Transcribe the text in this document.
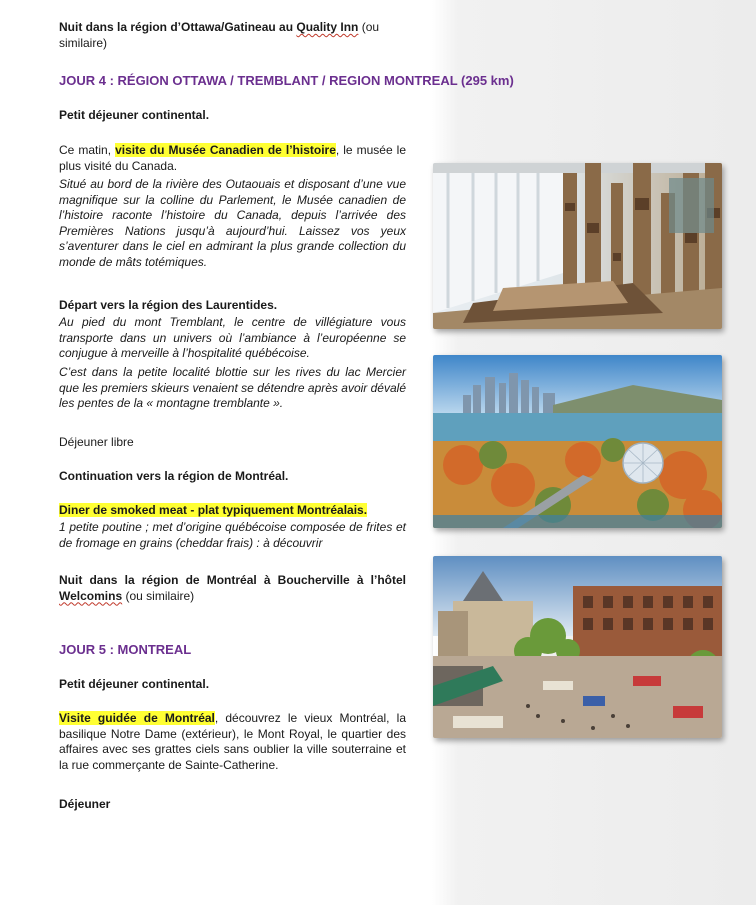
Nuit dans la région d’Ottawa/Gatineau au Quality Inn (ou similaire)
JOUR 4 : RÉGION OTTAWA / TREMBLANT / REGION MONTREAL (295 km)
Petit déjeuner continental.
Ce matin, visite du Musée Canadien de l’histoire, le musée le plus visité du Canada.
Situé au bord de la rivière des Outaouais et disposant d’une vue magnifique sur la colline du Parlement, le Musée canadien de l’histoire raconte l’histoire du Canada, depuis l’arrivée des Premières Nations jusqu’à aujourd’hui. Laissez vos yeux s’aventurer dans le ciel en admirant la plus grande collection du monde de mâts totémiques.
Départ vers la région des Laurentides.
Au pied du mont Tremblant, le centre de villégiature vous transporte dans un univers où l’ambiance à l’européenne se conjugue à merveille à l’hospitalité québécoise.
C’est dans la petite localité blottie sur les rives du lac Mercier que les premiers skieurs venaient se détendre après avoir dévalé les pentes de la « montagne tremblante ».
Déjeuner libre
Continuation vers la région de Montréal.
Diner de smoked meat - plat typiquement Montréalais.
1 petite poutine ; met d’origine québécoise composée de frites et de fromage en grains (cheddar frais) : à découvrir
Nuit dans la région de Montréal à Boucherville à l’hôtel Welcomins (ou similaire)
JOUR 5 : MONTREAL
Petit déjeuner continental.
Visite guidée de Montréal, découvrez le vieux Montréal, la basilique Notre Dame (extérieur), le Mont Royal, le quartier des affaires avec ses grattes ciels sans oublier la ville souterraine et la rue commerçante de Sainte-Catherine.
Déjeuner
